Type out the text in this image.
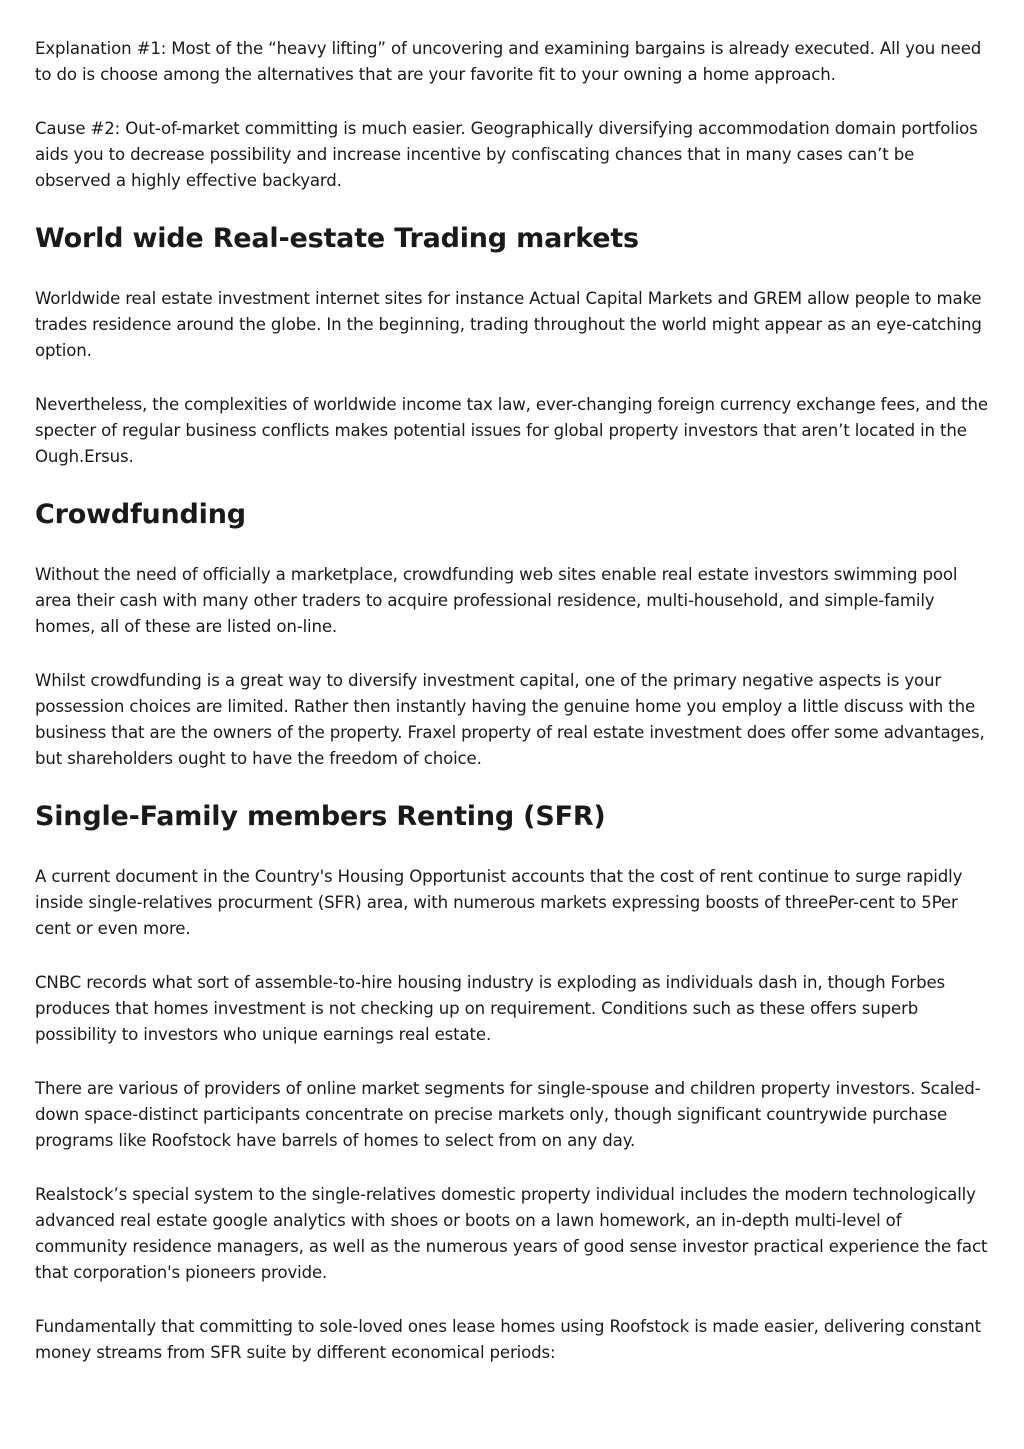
Explanation #1: Most of the “heavy lifting” of uncovering and examining bargains is already executed. All you need to do is choose among the alternatives that are your favorite fit to your owning a home approach.

Cause #2: Out-of-market committing is much easier. Geographically diversifying accommodation domain portfolios aids you to decrease possibility and increase incentive by confiscating chances that in many cases can’t be observed a highly effective backyard.

World wide Real-estate Trading markets

Worldwide real estate investment internet sites for instance Actual Capital Markets and GREM allow people to make trades residence around the globe. In the beginning, trading throughout the world might appear as an eye-catching option.

Nevertheless, the complexities of worldwide income tax law, ever-changing foreign currency exchange fees, and the specter of regular business conflicts makes potential issues for global property investors that aren’t located in the Ough.Ersus.

Crowdfunding

Without the need of officially a marketplace, crowdfunding web sites enable real estate investors swimming pool area their cash with many other traders to acquire professional residence, multi-household, and simple-family homes, all of these are listed on-line.

Whilst crowdfunding is a great way to diversify investment capital, one of the primary negative aspects is your possession choices are limited. Rather then instantly having the genuine home you employ a little discuss with the business that are the owners of the property. Fraxel property of real estate investment does offer some advantages, but shareholders ought to have the freedom of choice.

Single-Family members Renting (SFR)

A current document in the Country's Housing Opportunist accounts that the cost of rent continue to surge rapidly inside single-relatives procurment (SFR) area, with numerous markets expressing boosts of threePer-cent to 5Per cent or even more.

CNBC records what sort of assemble-to-hire housing industry is exploding as individuals dash in, though Forbes produces that homes investment is not checking up on requirement. Conditions such as these offers superb possibility to investors who unique earnings real estate.

There are various of providers of online market segments for single-spouse and children property investors. Scaled-down space-distinct participants concentrate on precise markets only, though significant countrywide purchase programs like Roofstock have barrels of homes to select from on any day.

Realstock’s special system to the single-relatives domestic property individual includes the modern technologically advanced real estate google analytics with shoes or boots on a lawn homework, an in-depth multi-level of community residence managers, as well as the numerous years of good sense investor practical experience the fact that corporation's pioneers provide.

Fundamentally that committing to sole-loved ones lease homes using Roofstock is made easier, delivering constant money streams from SFR suite by different economical periods:
